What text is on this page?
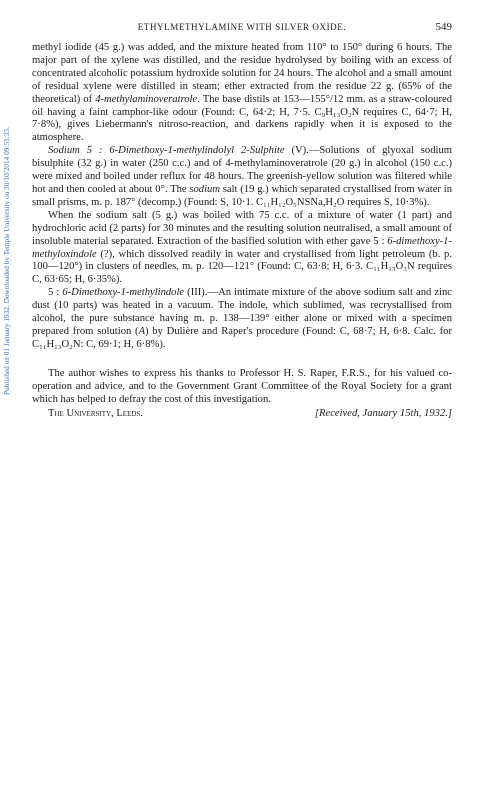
ETHYLMETHYLAMINE WITH SILVER OXIDE.	549
Published on 01 January 1932. Downloaded by Temple University on 30/10/2014 09:51:33.

methyl iodide (45 g.) was added, and the mixture heated from 110° to 150° during 6 hours. The major part of the xylene was distilled, and the residue hydrolysed by boiling with an excess of concentrated alcoholic potassium hydroxide solution for 24 hours. The alcohol and a small amount of residual xylene were distilled in steam; ether extracted from the residue 22 g. (65% of the theoretical) of 4-methylaminoveratrole. The base distils at 153—155°/12 mm. as a straw-coloured oil having a faint camphor-like odour (Found: C, 64·2; H, 7·5. C₉H₁₃O₂N requires C, 64·7; H, 7·8%), gives Liebermann's nitroso-reaction, and darkens rapidly when it is exposed to the atmosphere.

Sodium 5 : 6-Dimethoxy-1-methylindolyl 2-Sulphite (V).—Solutions of glyoxal sodium bisulphite (32 g.) in water (250 c.c.) and of 4-methylaminoveratrole (20 g.) in alcohol (150 c.c.) were mixed and boiled under reflux for 48 hours. The greenish-yellow solution was filtered while hot and then cooled at about 0°. The sodium salt (19 g.) which separated crystallised from water in small prisms, m. p. 187° (decomp.) (Found: S, 10·1. C₁₁H₁₂O₅NSNa,H₂O requires S, 10·3%).

When the sodium salt (5 g.) was boiled with 75 c.c. of a mixture of water (1 part) and hydrochloric acid (2 parts) for 30 minutes and the resulting solution neutralised, a small amount of insoluble material separated. Extraction of the basified solution with ether gave 5 : 6-dimethoxy-1-methyloxindole (?), which dissolved readily in water and crystallised from light petroleum (b. p. 100—120°) in clusters of needles, m. p. 120—121° (Found: C, 63·8; H, 6·3. C₁₁H₁₃O₃N requires C, 63·65; H, 6·35%).

5 : 6-Dimethoxy-1-methylindole (III).—An intimate mixture of the above sodium salt and zinc dust (10 parts) was heated in a vacuum. The indole, which sublimed, was recrystallised from alcohol, the pure substance having m. p. 138—139° either alone or mixed with a specimen prepared from solution (A) by Dulière and Raper's procedure (Found: C, 68·7; H, 6·8. Calc. for C₁₁H₁₃O₂N: C, 69·1; H, 6·8%).

The author wishes to express his thanks to Professor H. S. Raper, F.R.S., for his valued co-operation and advice, and to the Government Grant Committee of the Royal Society for a grant which has helped to defray the cost of this investigation.

The University, Leeds.	[Received, January 15th, 1932.]
